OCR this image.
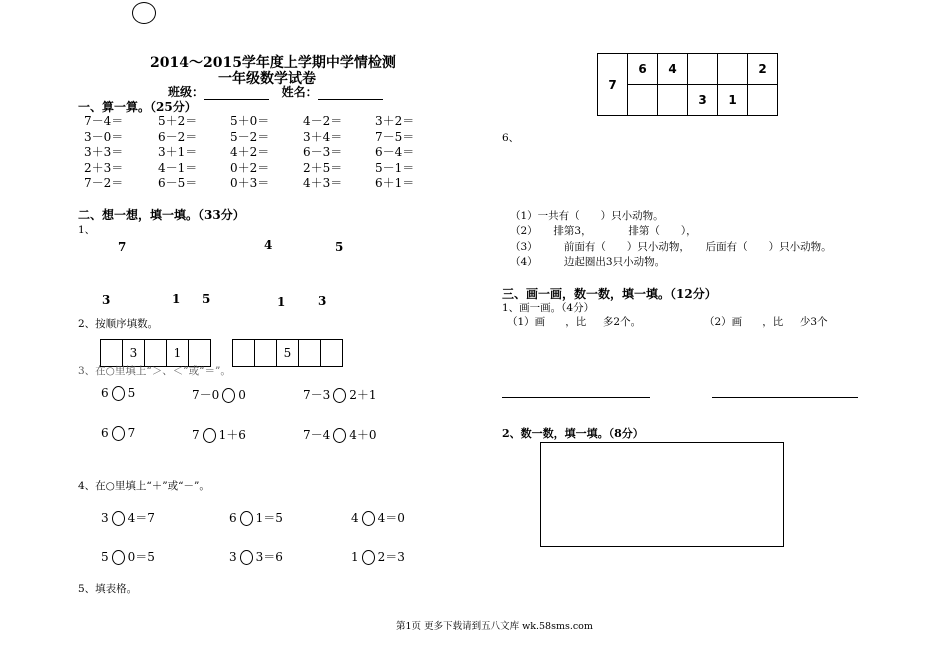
2014～2015学年度上学期中学情检测
一年级数学试卷
班级：	姓名：
一、算一算。（25分）
7－4＝	5＋2＝	5＋0＝	4－2＝	3＋2＝
3－0＝	6－2＝	5－2＝	3＋4＝	7－5＝
3＋3＝	3＋1＝	4＋2＝	6－3＝	6－4＝
2＋3＝	4－1＝	0＋2＝	2＋5＝	5－1＝
7－2＝	6－5＝	0＋3＝	4＋3＝	6＋1＝
二、想一想，填一填。（33分）
1、
7
3	1 5
4
1
5
3
2、按顺序填数。
3	1	5
3、在○里填上“＞、＜”或“＝”。
6 5	7－0 0	7－3 2＋1
6 7	7 1＋6	7－4 4＋0
4、在○里填上“＋”或“－”。
3 4＝7	6 1＝5	4 4＝0
5 0＝5	3 3＝6	1 2＝3
5、填表格。
7	6	4			2
			3	1	
6、
（1）一共有（　　）只小动物。
（2）　　排第3，　　　　排第（　　），
（3）　　　前面有（　　）只小动物，　　后面有（　　）只小动物。
（4）　　　边起圈出3只小动物。
三、画一画，数一数，填一填。（12分）
1、画一画。（4分）
（1）画 ，比 多2个。	（2）画 ，比 少3个
2、数一数，填一填。（8分）
第1页 更多下载请到五八文库 wk.58sms.com
